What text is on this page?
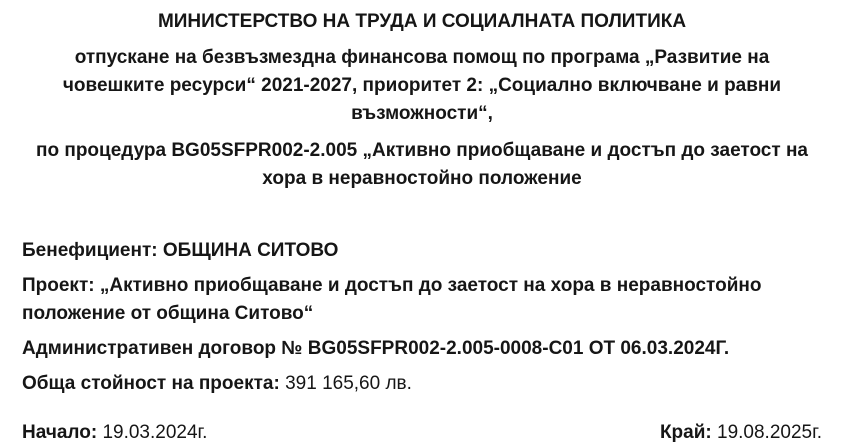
МИНИСТЕРСТВО НА ТРУДА И СОЦИАЛНАТА ПОЛИТИКА

отпускане на безвъзмездна финансова помощ по програма „Развитие на човешките ресурси“ 2021-2027, приоритет 2: „Социално включване и равни възможности“,

по процедура BG05SFPR002-2.005 „Активно приобщаване и достъп до заетост на хора в неравностойно положение

Бенефициент: ОБЩИНА СИТОВО

Проект: „Активно приобщаване и достъп до заетост на хора в неравностойно положение от община Ситово“

Административен договор № BG05SFPR002-2.005-0008-C01 ОТ 06.03.2024Г.

Обща стойност на проекта: 391 165,60 лв.

Начало: 19.03.2024г.	Край: 19.08.2025г.
